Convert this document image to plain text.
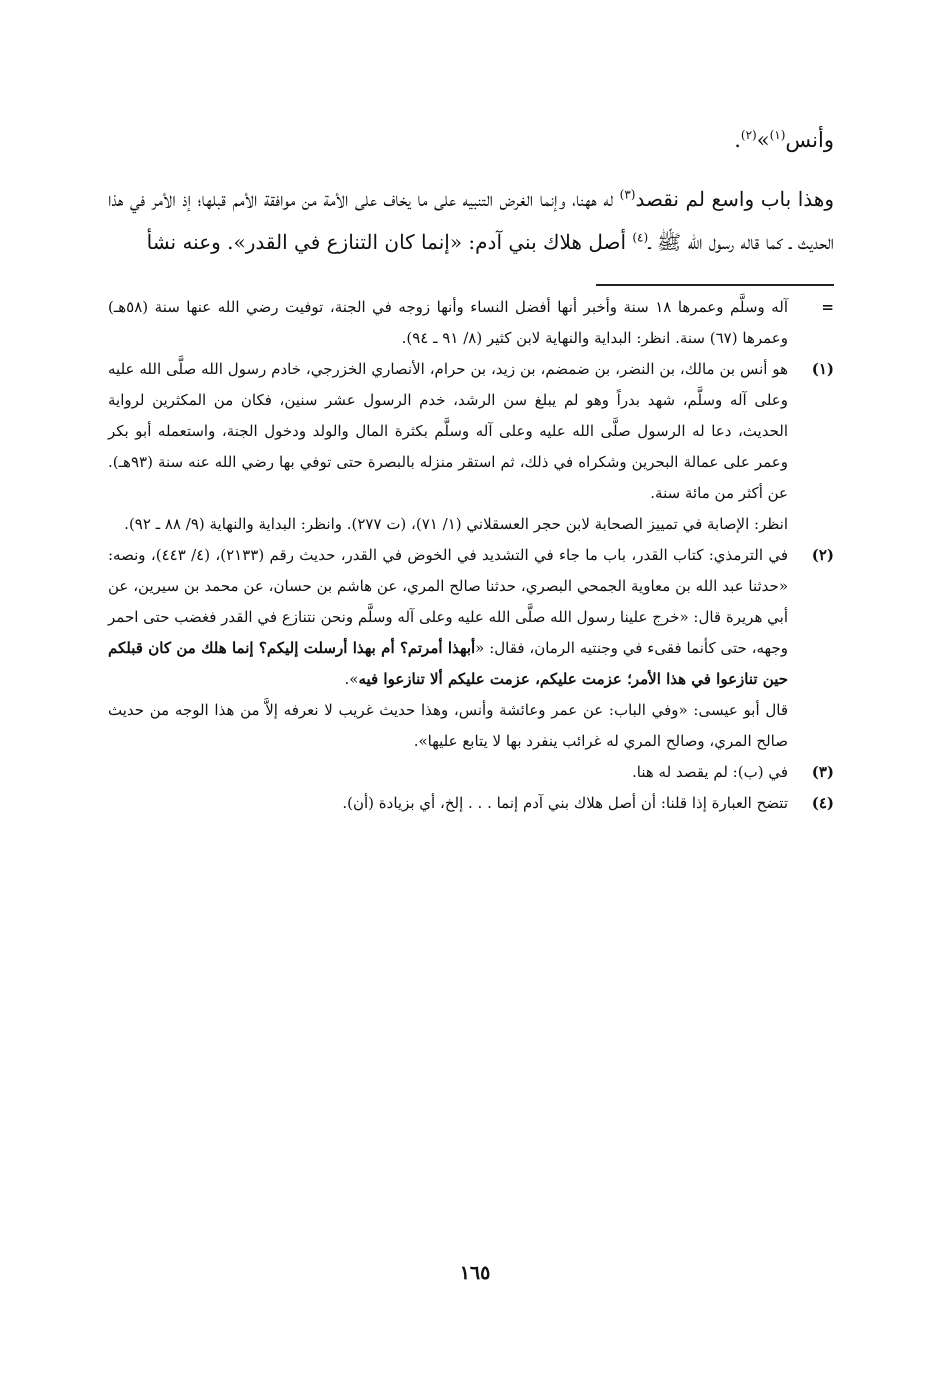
وأنس$^{(١)}$»$^{(٢)}$.

وهذا باب واسع لم نقصد$^{(٣)}$ له ههنا، وإنما الغرض التنبيه على ما يخاف على الأمة من موافقة الأمم قبلها؛ إذ الأمر في هذا الحديث ـ كما قاله رسول الله ﷺ ـ$^{(٤)}$ أصل هلاك بني آدم: «إنما كان التنازع في القدر». وعنه نشأ

=
آله وسلَّم وعمرها ١٨ سنة وأخبر أنها أفضل النساء وأنها زوجه في الجنة، توفيت رضي الله عنها سنة (٥٨هـ) وعمرها (٦٧) سنة. انظر: البداية والنهاية لابن كثير (٨/ ٩١ ـ ٩٤).
(١)

هو أنس بن مالك، بن النضر، بن ضمضم، بن زيد، بن حرام، الأنصاري الخزرجي، خادم رسول الله صلَّى الله عليه وعلى آله وسلَّم، شهد بدراً وهو لم يبلغ سن الرشد، خدم الرسول عشر سنين، فكان من المكثرين لرواية الحديث، دعا له الرسول صلَّى الله عليه وعلى آله وسلَّم بكثرة المال والولد ودخول الجنة، واستعمله أبو بكر وعمر على عمالة البحرين وشكراه في ذلك، ثم استقر منزله بالبصرة حتى توفي بها رضي الله عنه سنة (٩٣هـ). عن أكثر من مائة سنة.

انظر: الإصابة في تمييز الصحابة لابن حجر العسقلاني (١/ ٧١)، (ت ٢٧٧). وانظر: البداية والنهاية (٩/ ٨٨ ـ ٩٢).

(٢)

في الترمذي: كتاب القدر، باب ما جاء في التشديد في الخوض في القدر، حديث رقم (٢١٣٣)، (٤/ ٤٤٣)، ونصه: «حدثنا عبد الله بن معاوية الجمحي البصري، حدثنا صالح المري، عن هاشم بن حسان، عن محمد بن سيرين، عن أبي هريرة قال: «خرج علينا رسول الله صلَّى الله عليه وعلى آله وسلَّم ونحن نتنازع في القدر فغضب حتى احمر وجهه، حتى كأنما فقىء في وجنتيه الرمان، فقال: «أبهذا أمرتم؟ أم بهذا أرسلت إليكم؟ إنما هلك من كان قبلكم حين تنازعوا في هذا الأمر؛ عزمت عليكم، عزمت عليكم ألا تنازعوا فيه».

قال أبو عيسى: «وفي الباب: عن عمر وعائشة وأنس، وهذا حديث غريب لا نعرفه إلاَّ من هذا الوجه من حديث صالح المري، وصالح المري له غرائب ينفرد بها لا يتابع عليها».

(٣)
في (ب): لم يقصد له هنا.
(٤)
تتضح العبارة إذا قلنا: أن أصل هلاك بني آدم إنما . . . إلخ، أي بزيادة (أن).
١٦٥
